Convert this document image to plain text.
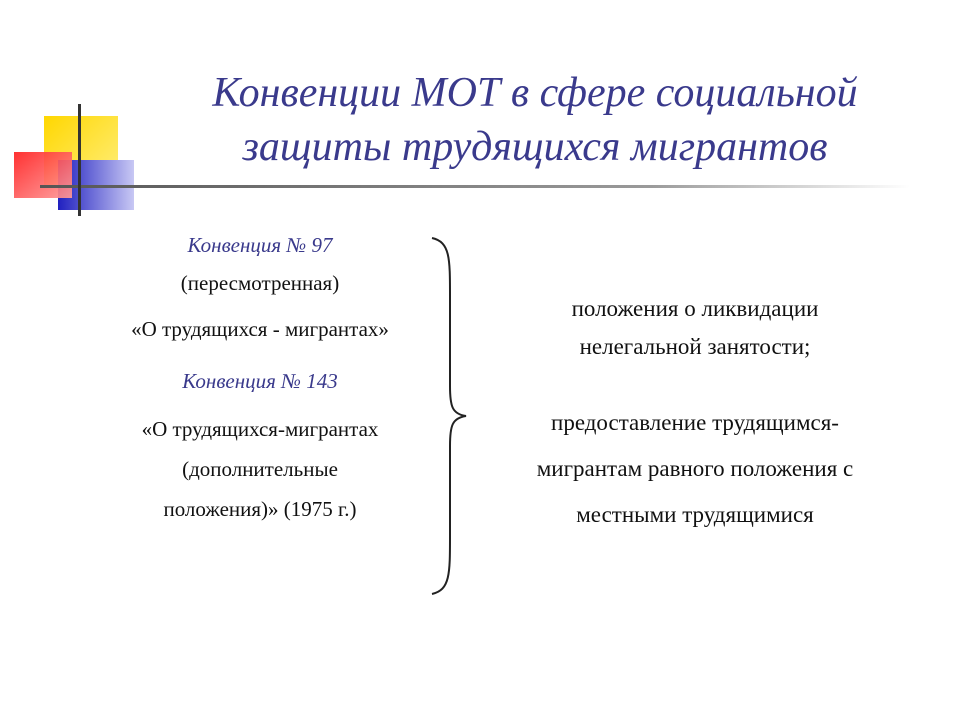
Конвенции МОТ в сфере социальной
защиты трудящихся мигрантов
Конвенция № 97
(пересмотренная)
«О трудящихся - мигрантах»
Конвенция № 143
«О трудящихся-мигрантах
(дополнительные
положения)» (1975 г.)
положения о ликвидации
нелегальной занятости;
предоставление трудящимся-
мигрантам равного положения с
местными трудящимися
